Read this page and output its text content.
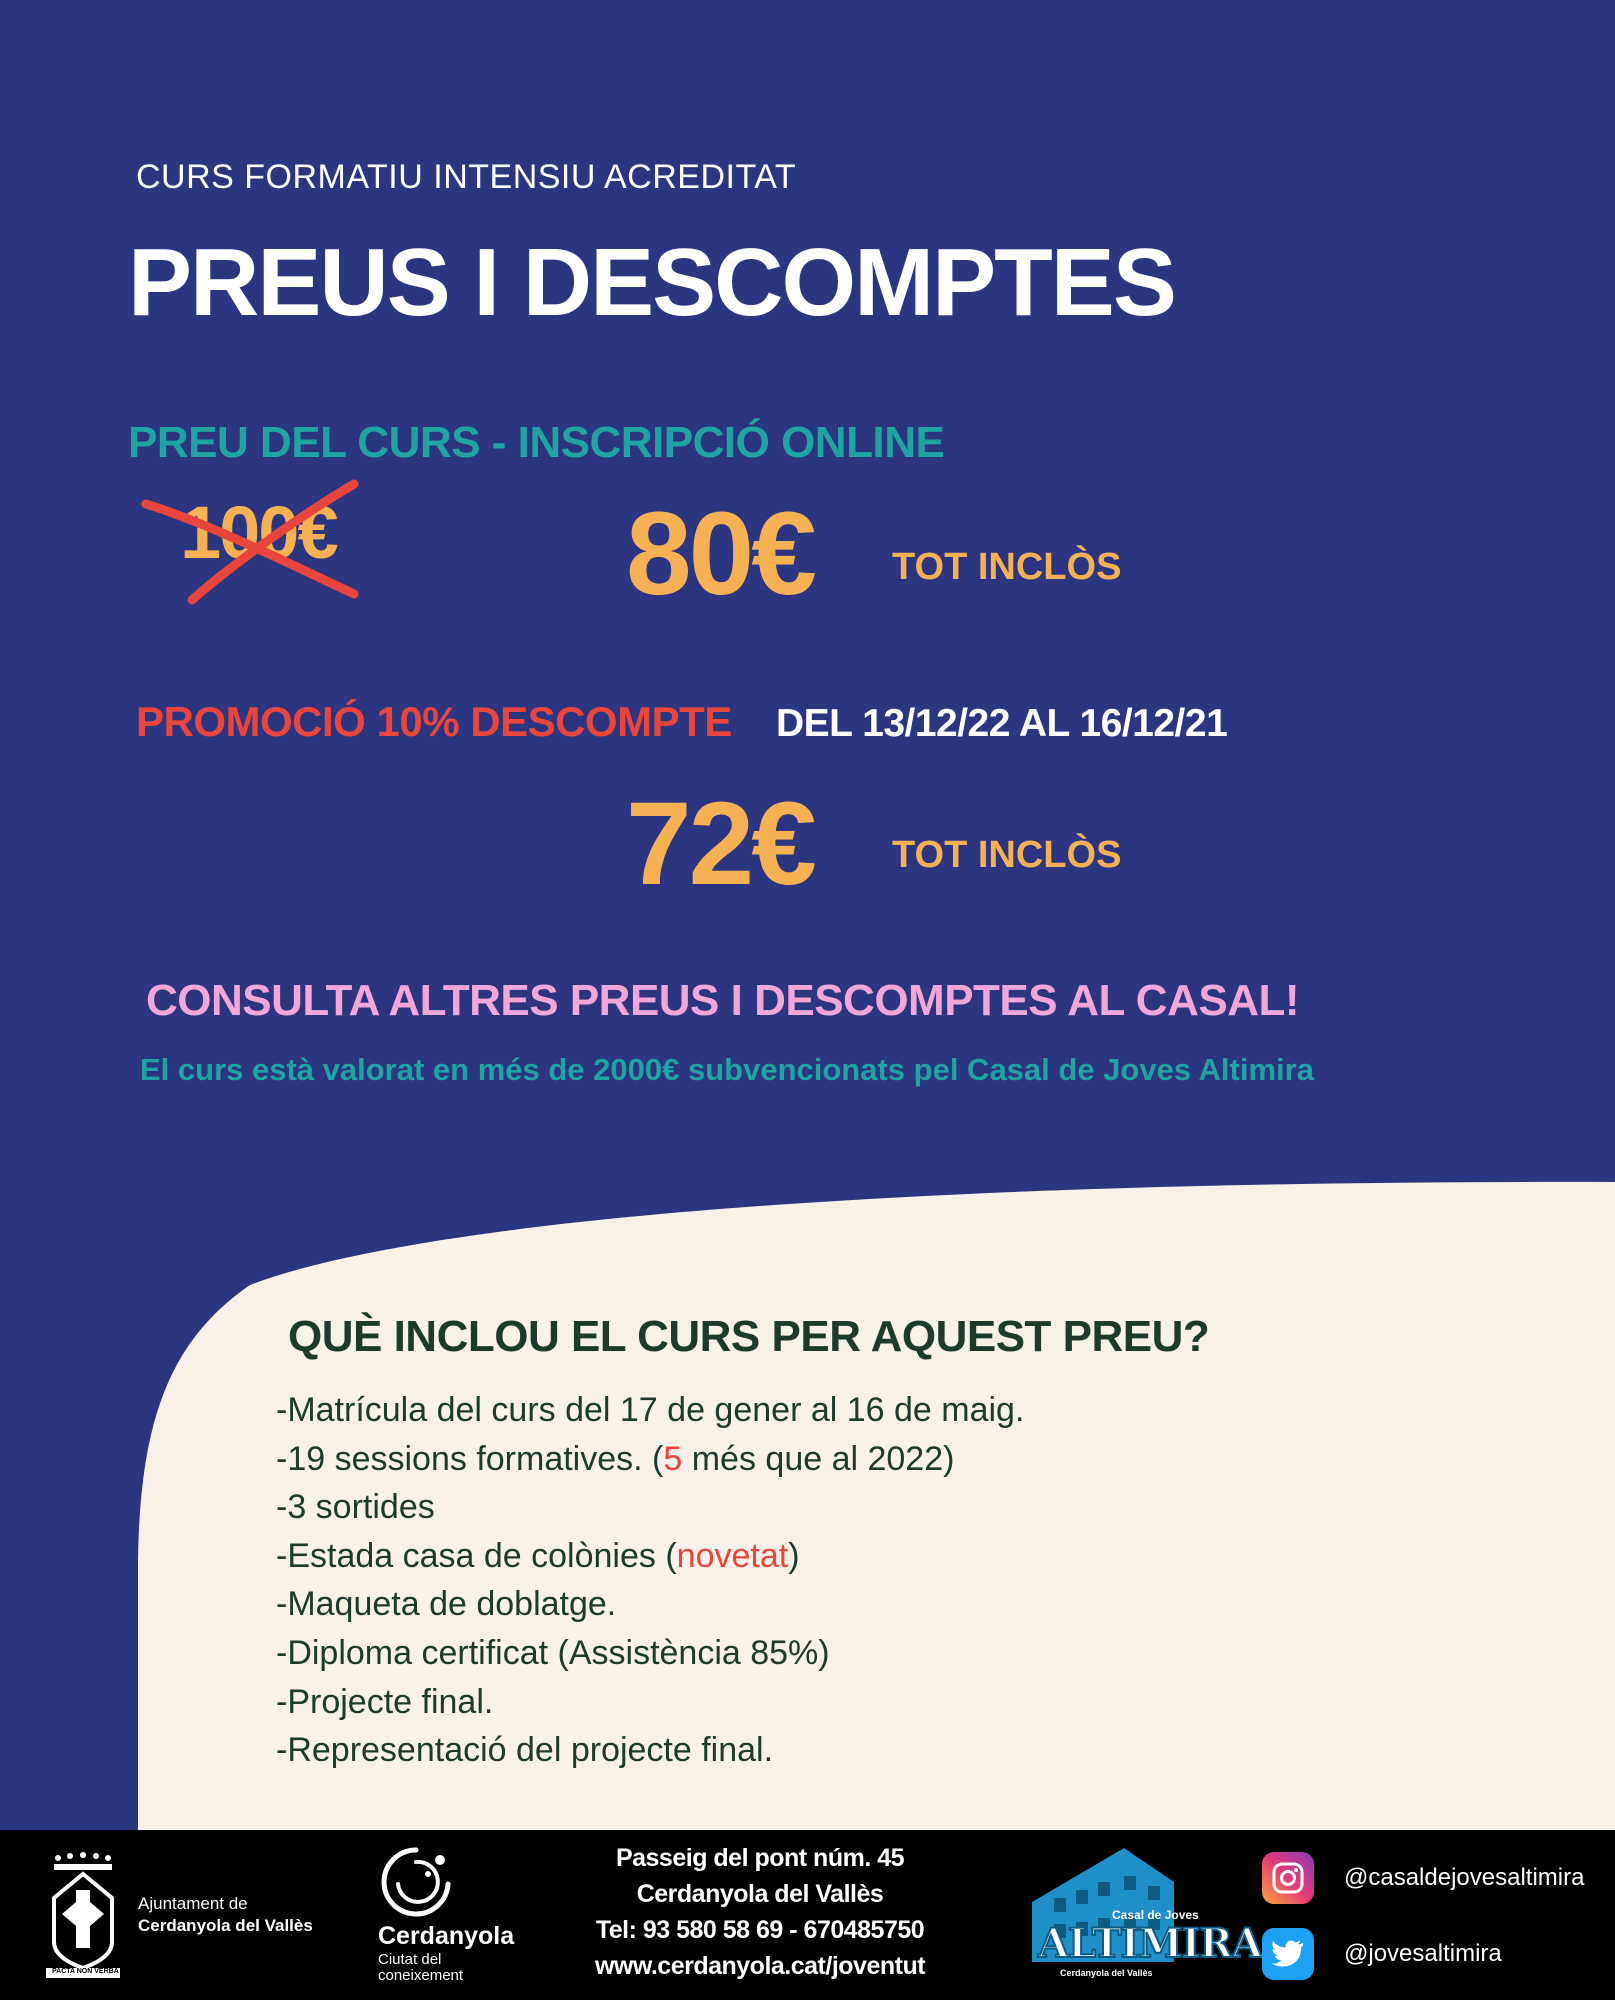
CURS FORMATIU INTENSIU ACREDITAT
PREUS I DESCOMPTES
PREU DEL CURS - INSCRIPCIÓ ONLINE
100€ 80€ TOT INCLÒS
PROMOCIÓ 10% DESCOMPTE DEL 13/12/22 AL 16/12/21
72€ TOT INCLÒS
CONSULTA ALTRES PREUS I DESCOMPTES AL CASAL!
El curs està valorat en més de 2000€ subvencionats pel Casal de Joves Altimira
QUÈ INCLOU EL CURS PER AQUEST PREU?
-Matrícula del curs del 17 de gener al 16 de maig.
-19 sessions formatives. (5 més que al 2022)
-3 sortides
-Estada casa de colònies (novetat)
-Maqueta de doblatge.
-Diploma certificat (Assistència 85%)
-Projecte final.
-Representació del projecte final.
PACTA NON VERBA
Ajuntament de
Cerdanyola del Vallès	Cerdanyola
Ciutat del
coneixement
Passeig del pont núm. 45
Cerdanyola del Vallès
Tel: 93 580 58 69 - 670485750
www.cerdanyola.cat/joventut	ALTIMIRA
Casal de Joves
Cerdanyola del Vallès
@casaldejovesaltimira
@jovesaltimira
